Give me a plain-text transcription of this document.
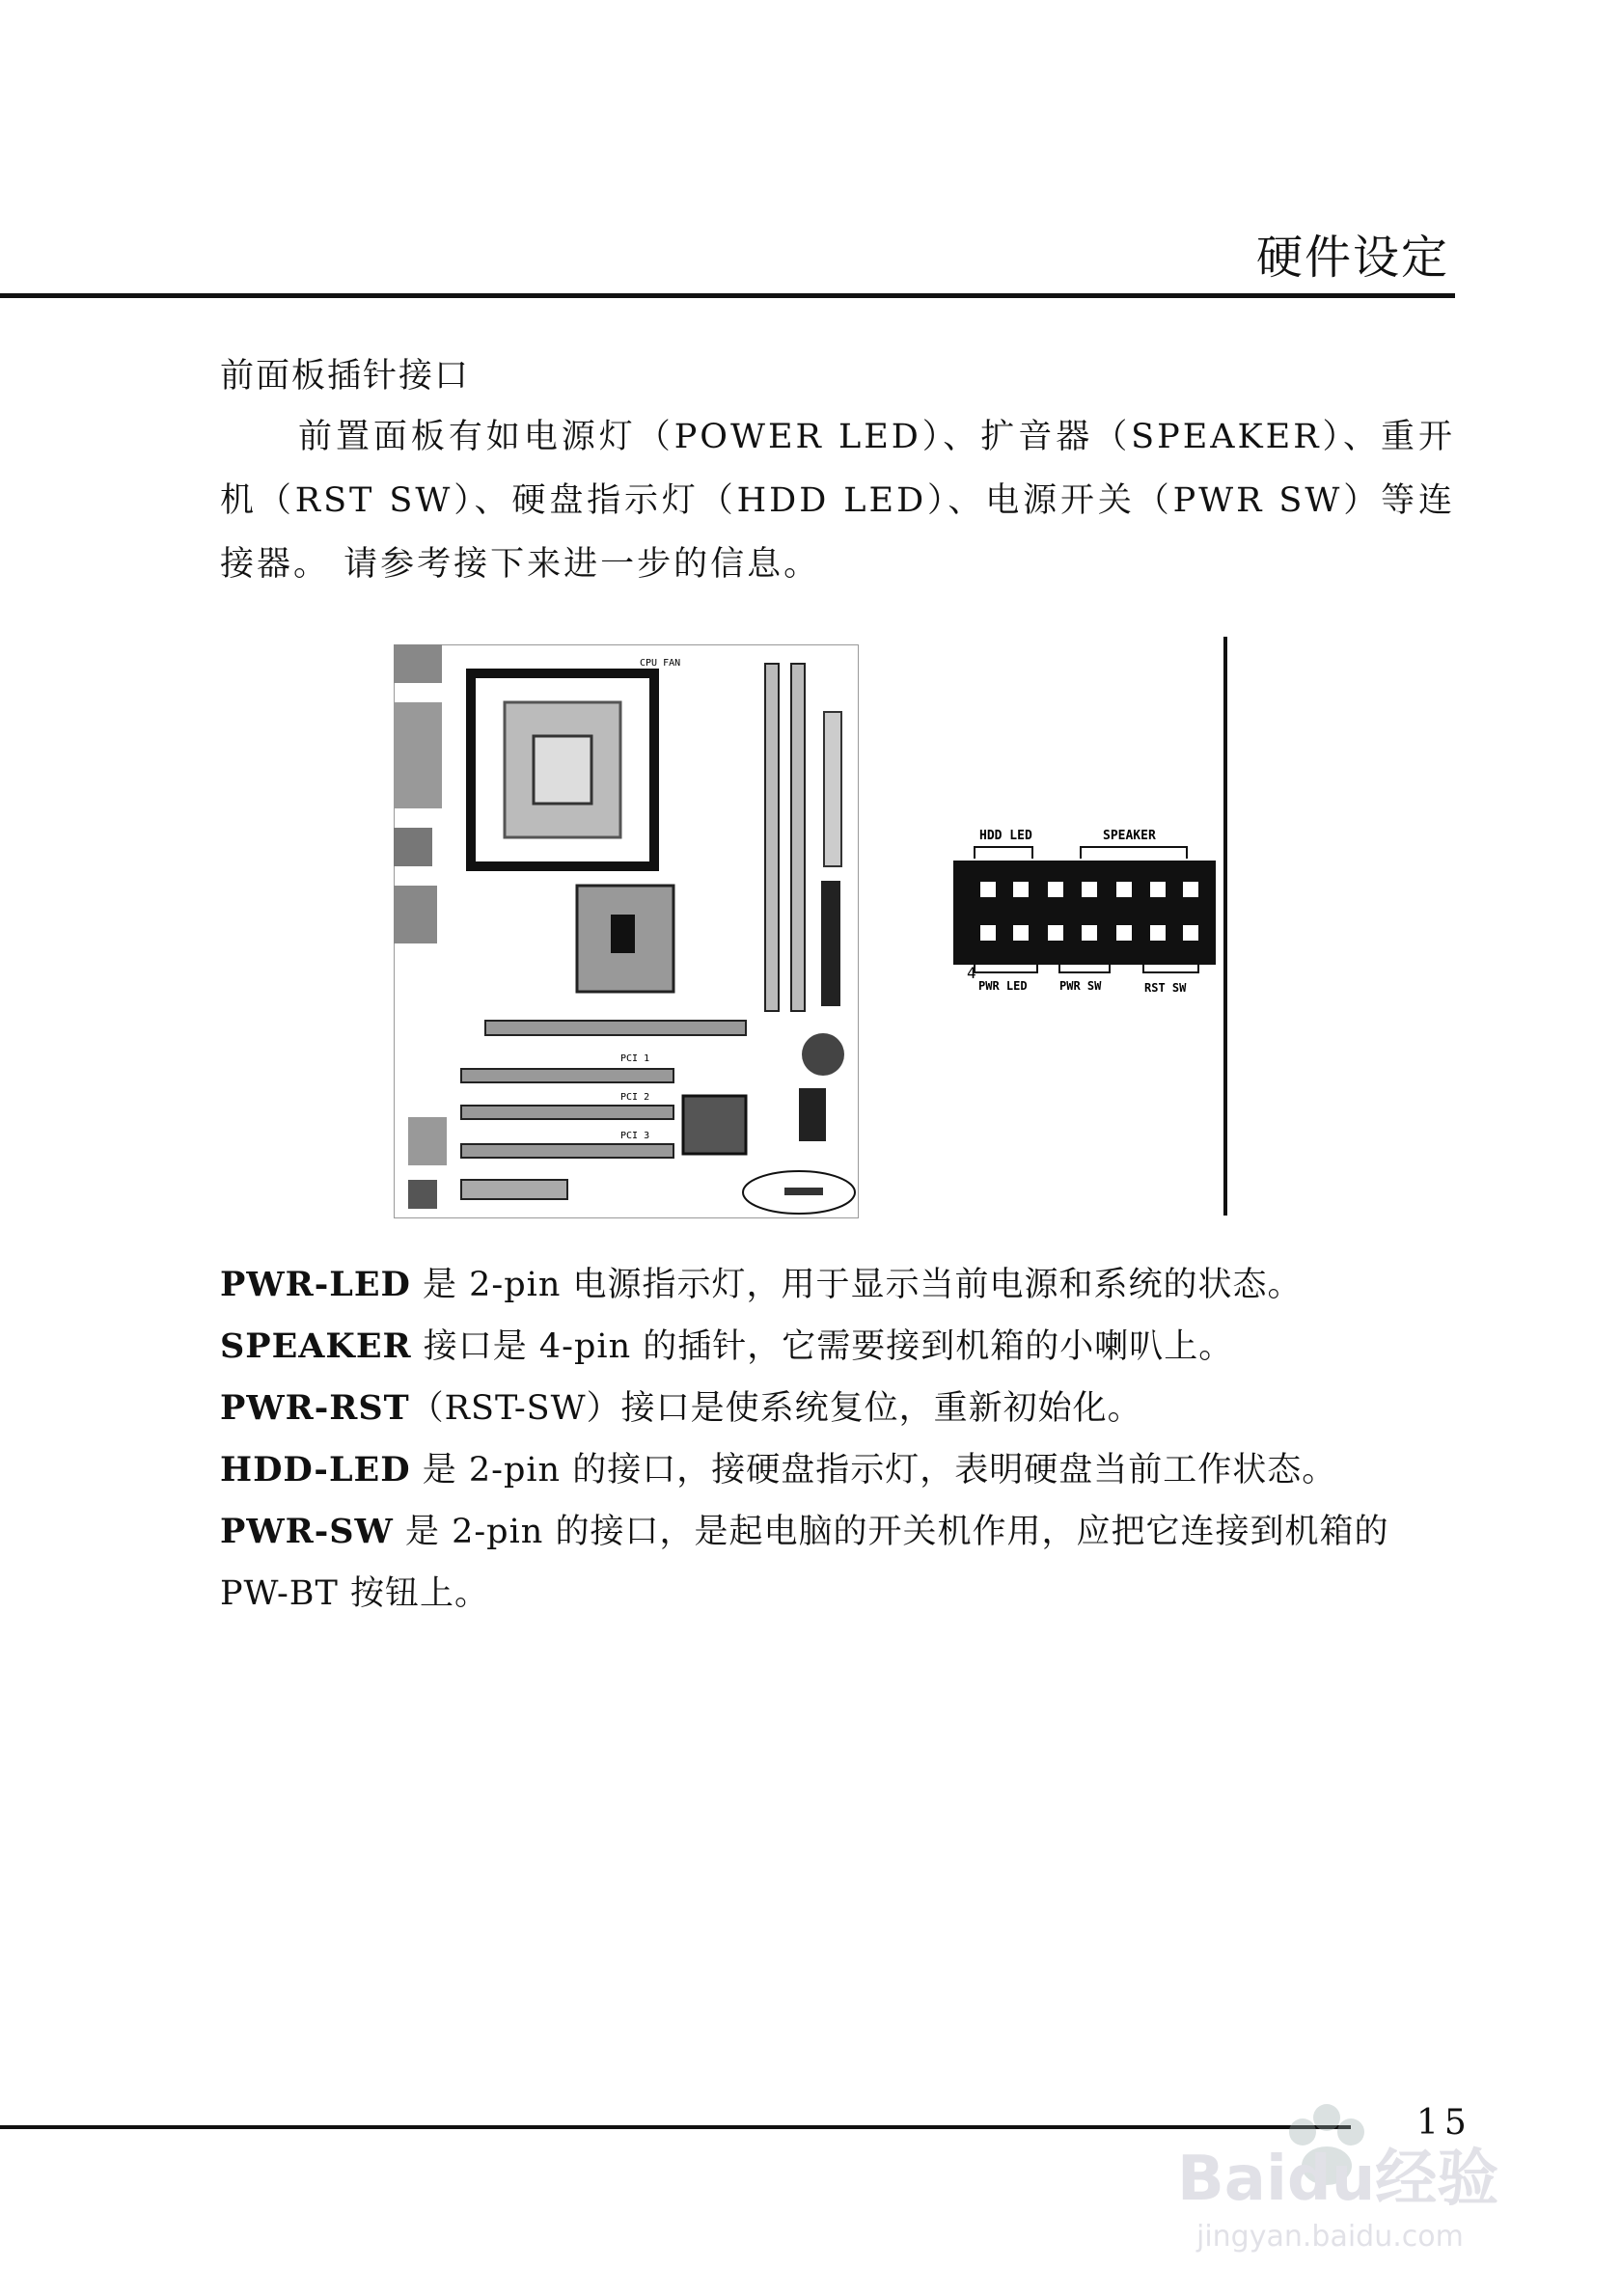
硬件设定
前面板插针接口
前置面板有如电源灯（POWER LED）、扩音器（SPEAKER）、重开机（RST SW）、硬盘指示灯（HDD LED）、电源开关（PWR SW）等连接器。 请参考接下来进一步的信息。
CPU FAN
PCI 1
PCI 2
PCI 3
HDD LED	SPEAKER
4
PWR LED	PWR SW	RST SW

PWR-LED 是 2-pin 电源指示灯，用于显示当前电源和系统的状态。

SPEAKER 接口是 4-pin 的插针，它需要接到机箱的小喇叭上。

PWR-RST（RST-SW）接口是使系统复位，重新初始化。

HDD-LED 是 2-pin 的接口，接硬盘指示灯，表明硬盘当前工作状态。

PWR-SW 是 2-pin 的接口，是起电脑的开关机作用，应把它连接到机箱的 PW-BT 按钮上。

15
Baidu经验
jingyan.baidu.com
